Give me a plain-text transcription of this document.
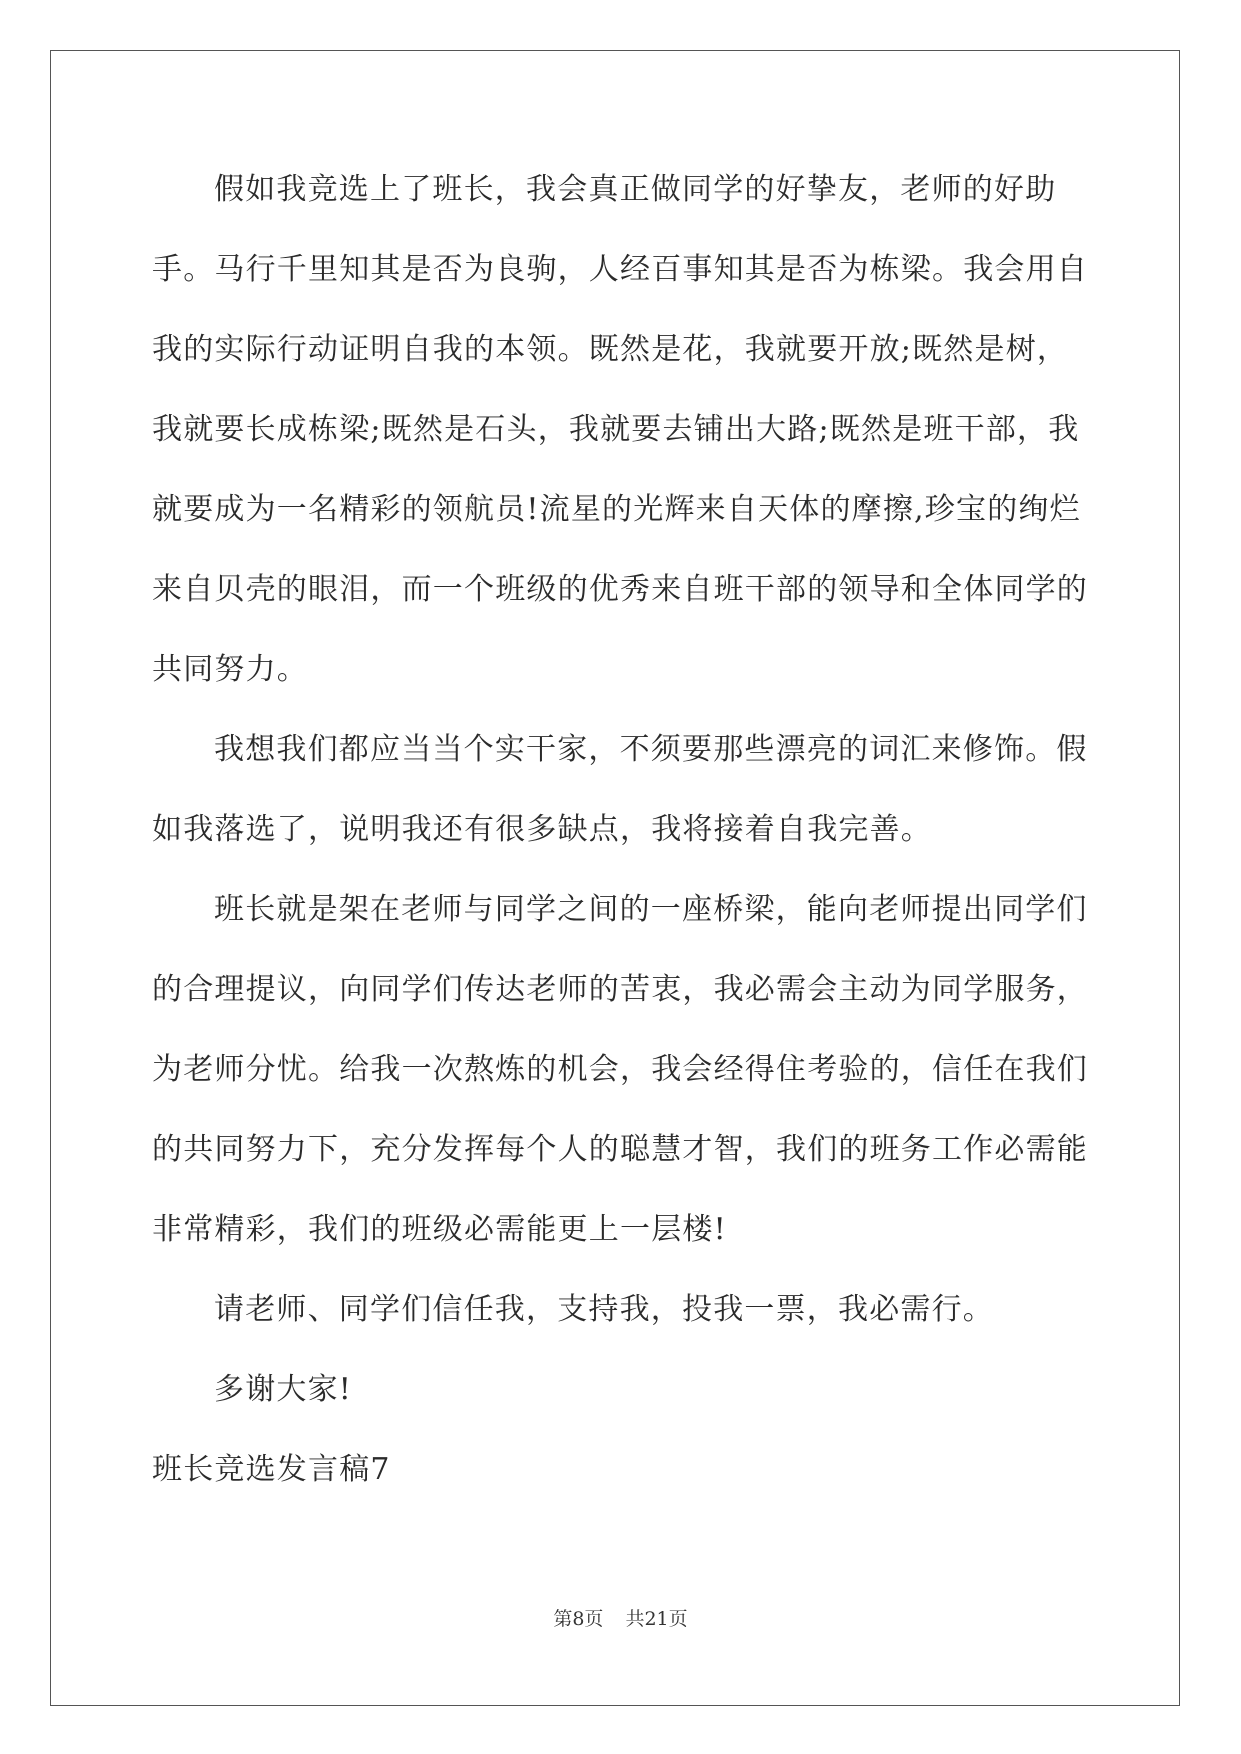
假如我竞选上了班长，我会真正做同学的好挚友，老师的好助手。马行千里知其是否为良驹，人经百事知其是否为栋梁。我会用自我的实际行动证明自我的本领。既然是花，我就要开放;既然是树，我就要长成栋梁;既然是石头，我就要去铺出大路;既然是班干部，我就要成为一名精彩的领航员!流星的光辉来自天体的摩擦,珍宝的绚烂来自贝壳的眼泪，而一个班级的优秀来自班干部的领导和全体同学的共同努力。

我想我们都应当当个实干家，不须要那些漂亮的词汇来修饰。假如我落选了，说明我还有很多缺点，我将接着自我完善。

班长就是架在老师与同学之间的一座桥梁，能向老师提出同学们的合理提议，向同学们传达老师的苦衷，我必需会主动为同学服务，为老师分忧。给我一次熬炼的机会，我会经得住考验的，信任在我们的共同努力下，充分发挥每个人的聪慧才智，我们的班务工作必需能非常精彩，我们的班级必需能更上一层楼!

请老师、同学们信任我，支持我，投我一票，我必需行。

多谢大家!

班长竞选发言稿7

第8页 共21页
